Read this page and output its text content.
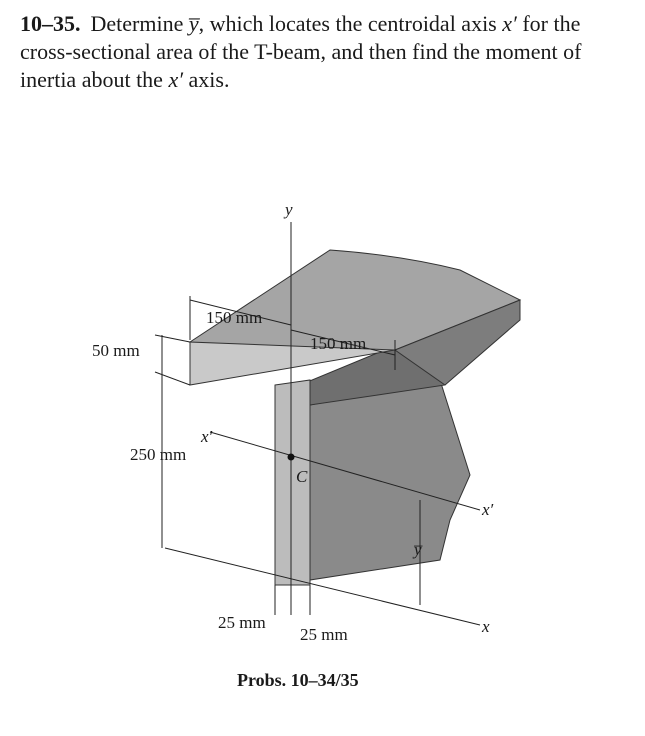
10–35. Determine y̅, which locates the centroidal axis x′ for the cross-sectional area of the T-beam, and then find the moment of inertia about the x′ axis.

y
C
x′
x′
x
150 mm
150 mm
50 mm
250 mm
y̅
25 mm
25 mm
Probs. 10–34/35
